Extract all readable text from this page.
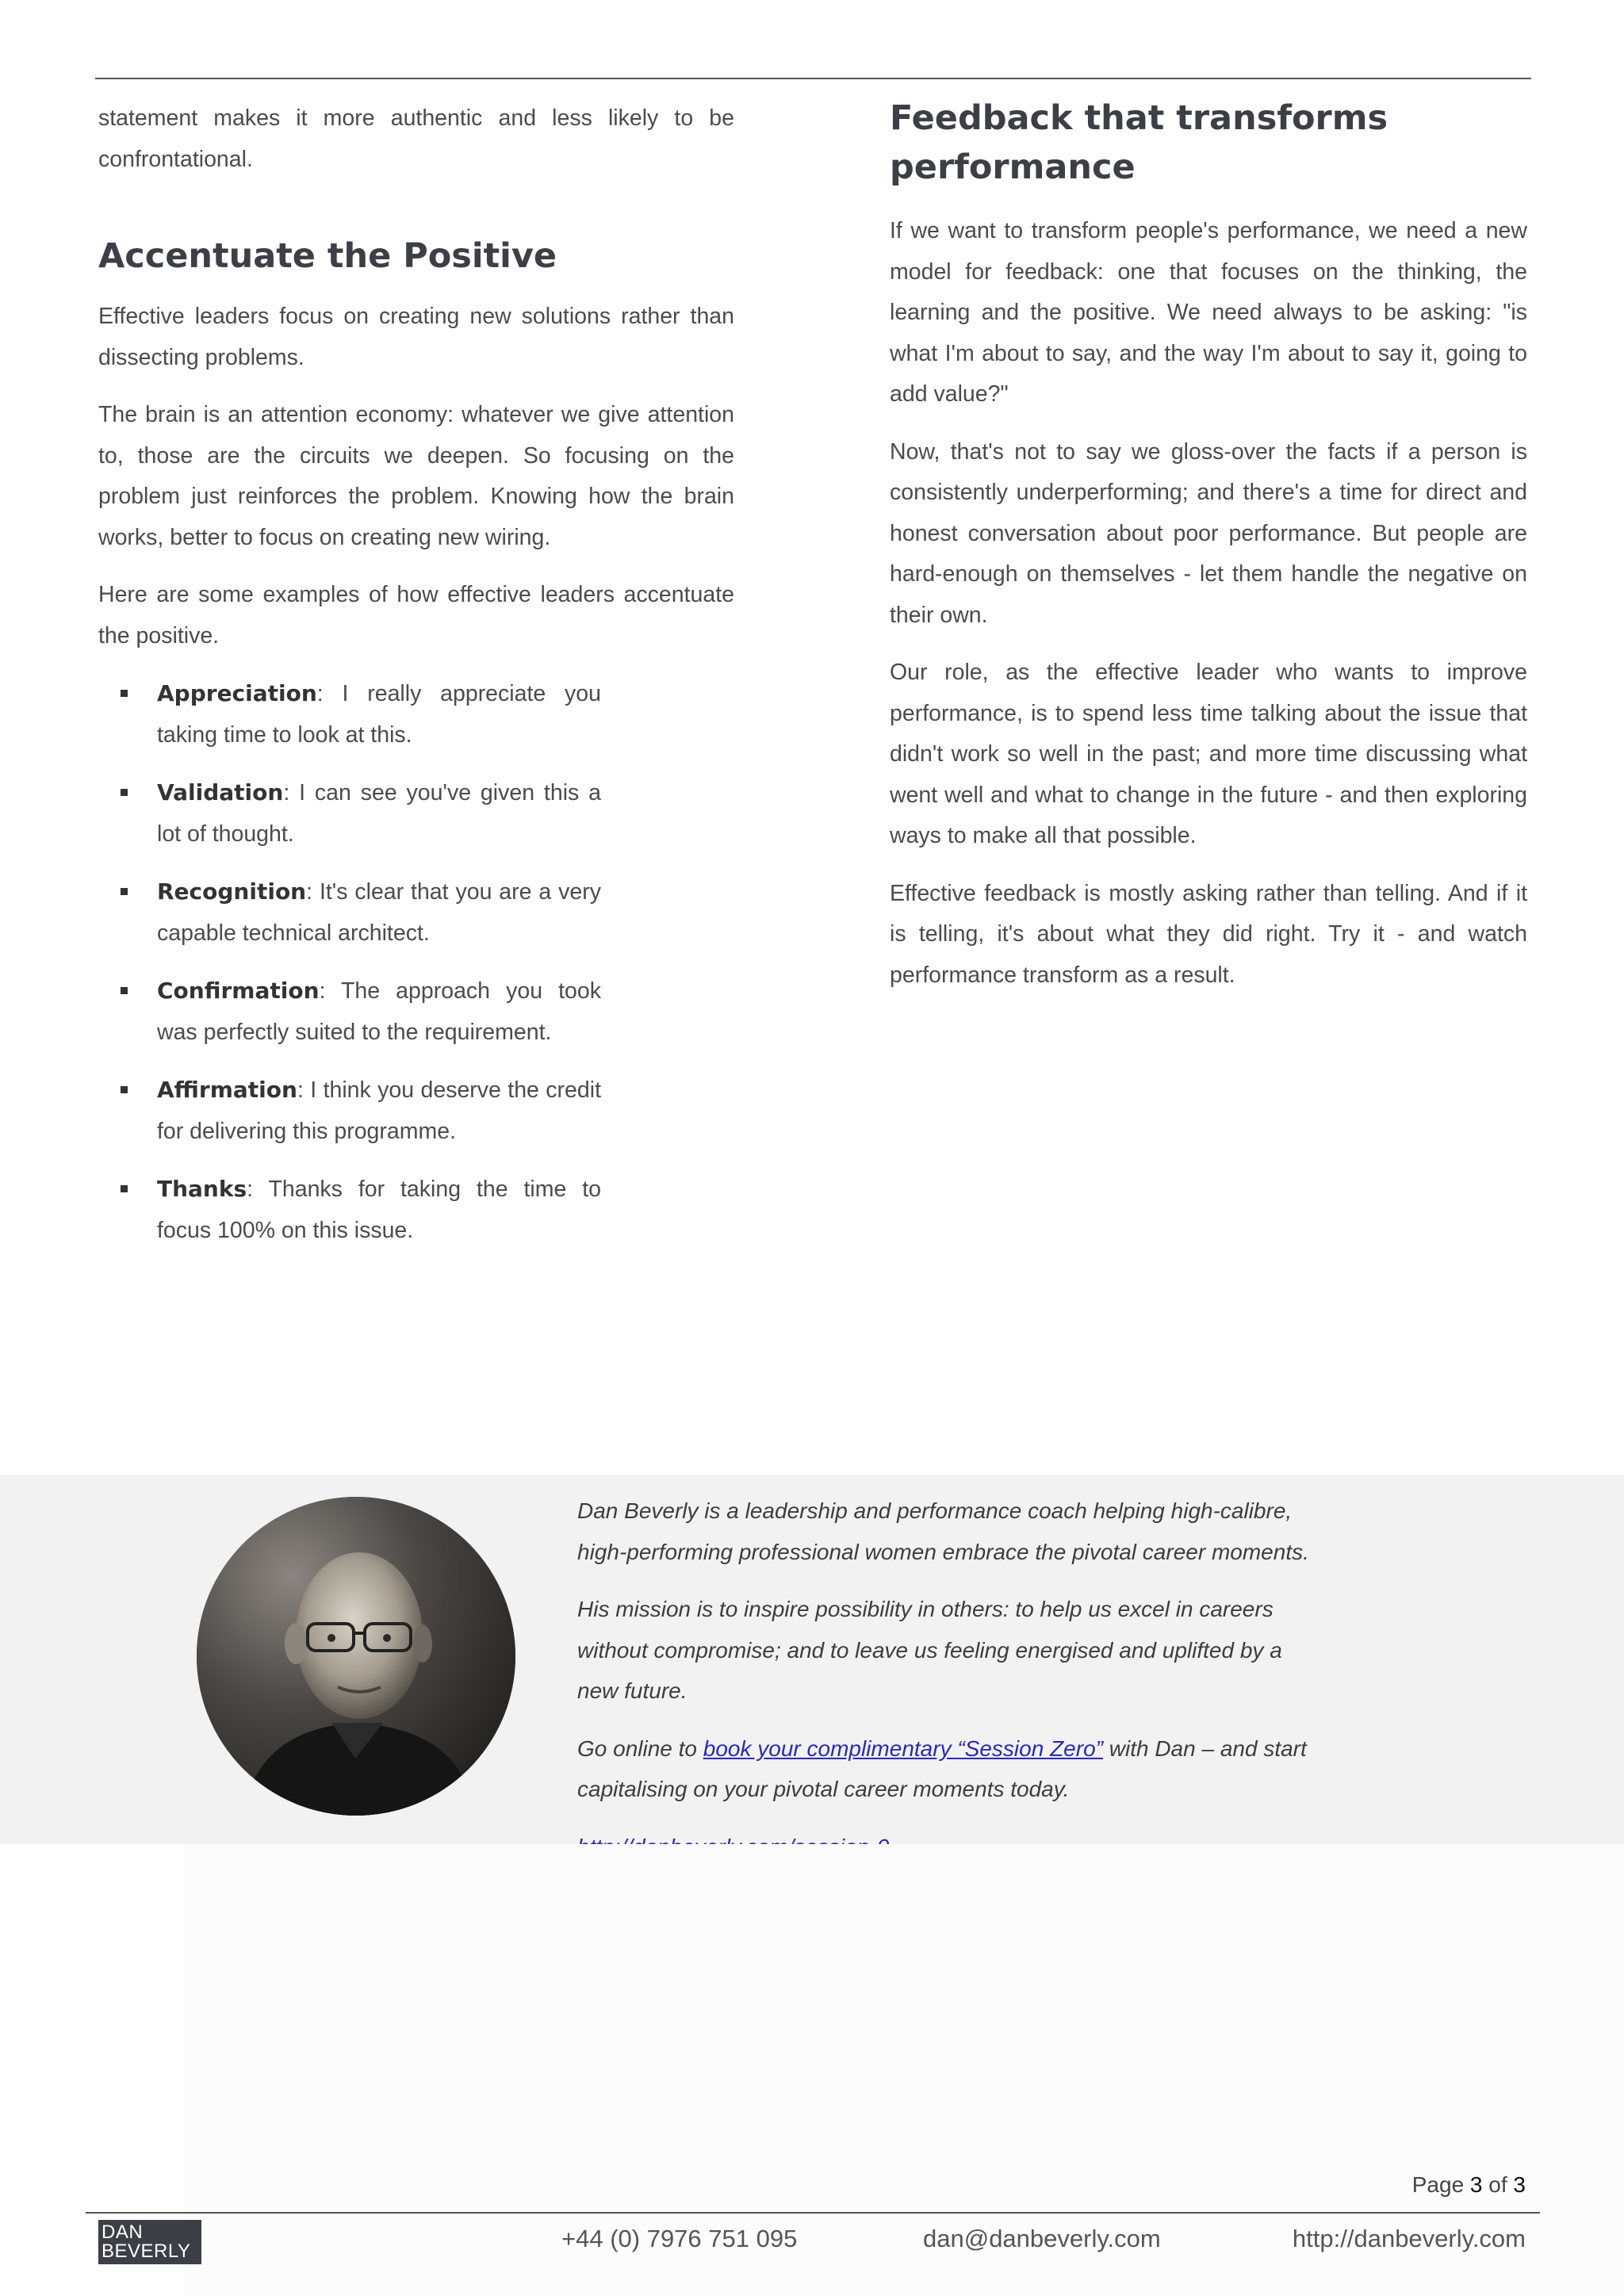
statement makes it more authentic and less likely to be confrontational.

Accentuate the Positive

Effective leaders focus on creating new solutions rather than dissecting problems.

The brain is an attention economy: whatever we give attention to, those are the circuits we deepen. So focusing on the problem just reinforces the problem. Knowing how the brain works, better to focus on creating new wiring.

Here are some examples of how effective leaders accentuate the positive.

Appreciation: I really appreciate you taking time to look at this.
Validation: I can see you've given this a lot of thought.
Recognition: It's clear that you are a very capable technical architect.
Confirmation: The approach you took was perfectly suited to the requirement.
Affirmation: I think you deserve the credit for delivering this programme.
Thanks: Thanks for taking the time to focus 100% on this issue.
Feedback that transforms performance

If we want to transform people's performance, we need a new model for feedback: one that focuses on the thinking, the learning and the positive. We need always to be asking: "is what I'm about to say, and the way I'm about to say it, going to add value?"

Now, that's not to say we gloss-over the facts if a person is consistently underperforming; and there's a time for direct and honest conversation about poor performance. But people are hard-enough on themselves - let them handle the negative on their own.

Our role, as the effective leader who wants to improve performance, is to spend less time talking about the issue that didn't work so well in the past; and more time discussing what went well and what to change in the future - and then exploring ways to make all that possible.

Effective feedback is mostly asking rather than telling. And if it is telling, it's about what they did right. Try it - and watch performance transform as a result.

Dan Beverly is a leadership and performance coach helping high-calibre, high-performing professional women embrace the pivotal career moments.

His mission is to inspire possibility in others: to help us excel in careers without compromise; and to leave us feeling energised and uplifted by a new future.

Go online to book your complimentary “Session Zero” with Dan – and start capitalising on your pivotal career moments today.

Page 3 of 3
DAN
BEVERLY	+44 (0) 7976 751 095	dan@danbeverly.com	http://danbeverly.com
